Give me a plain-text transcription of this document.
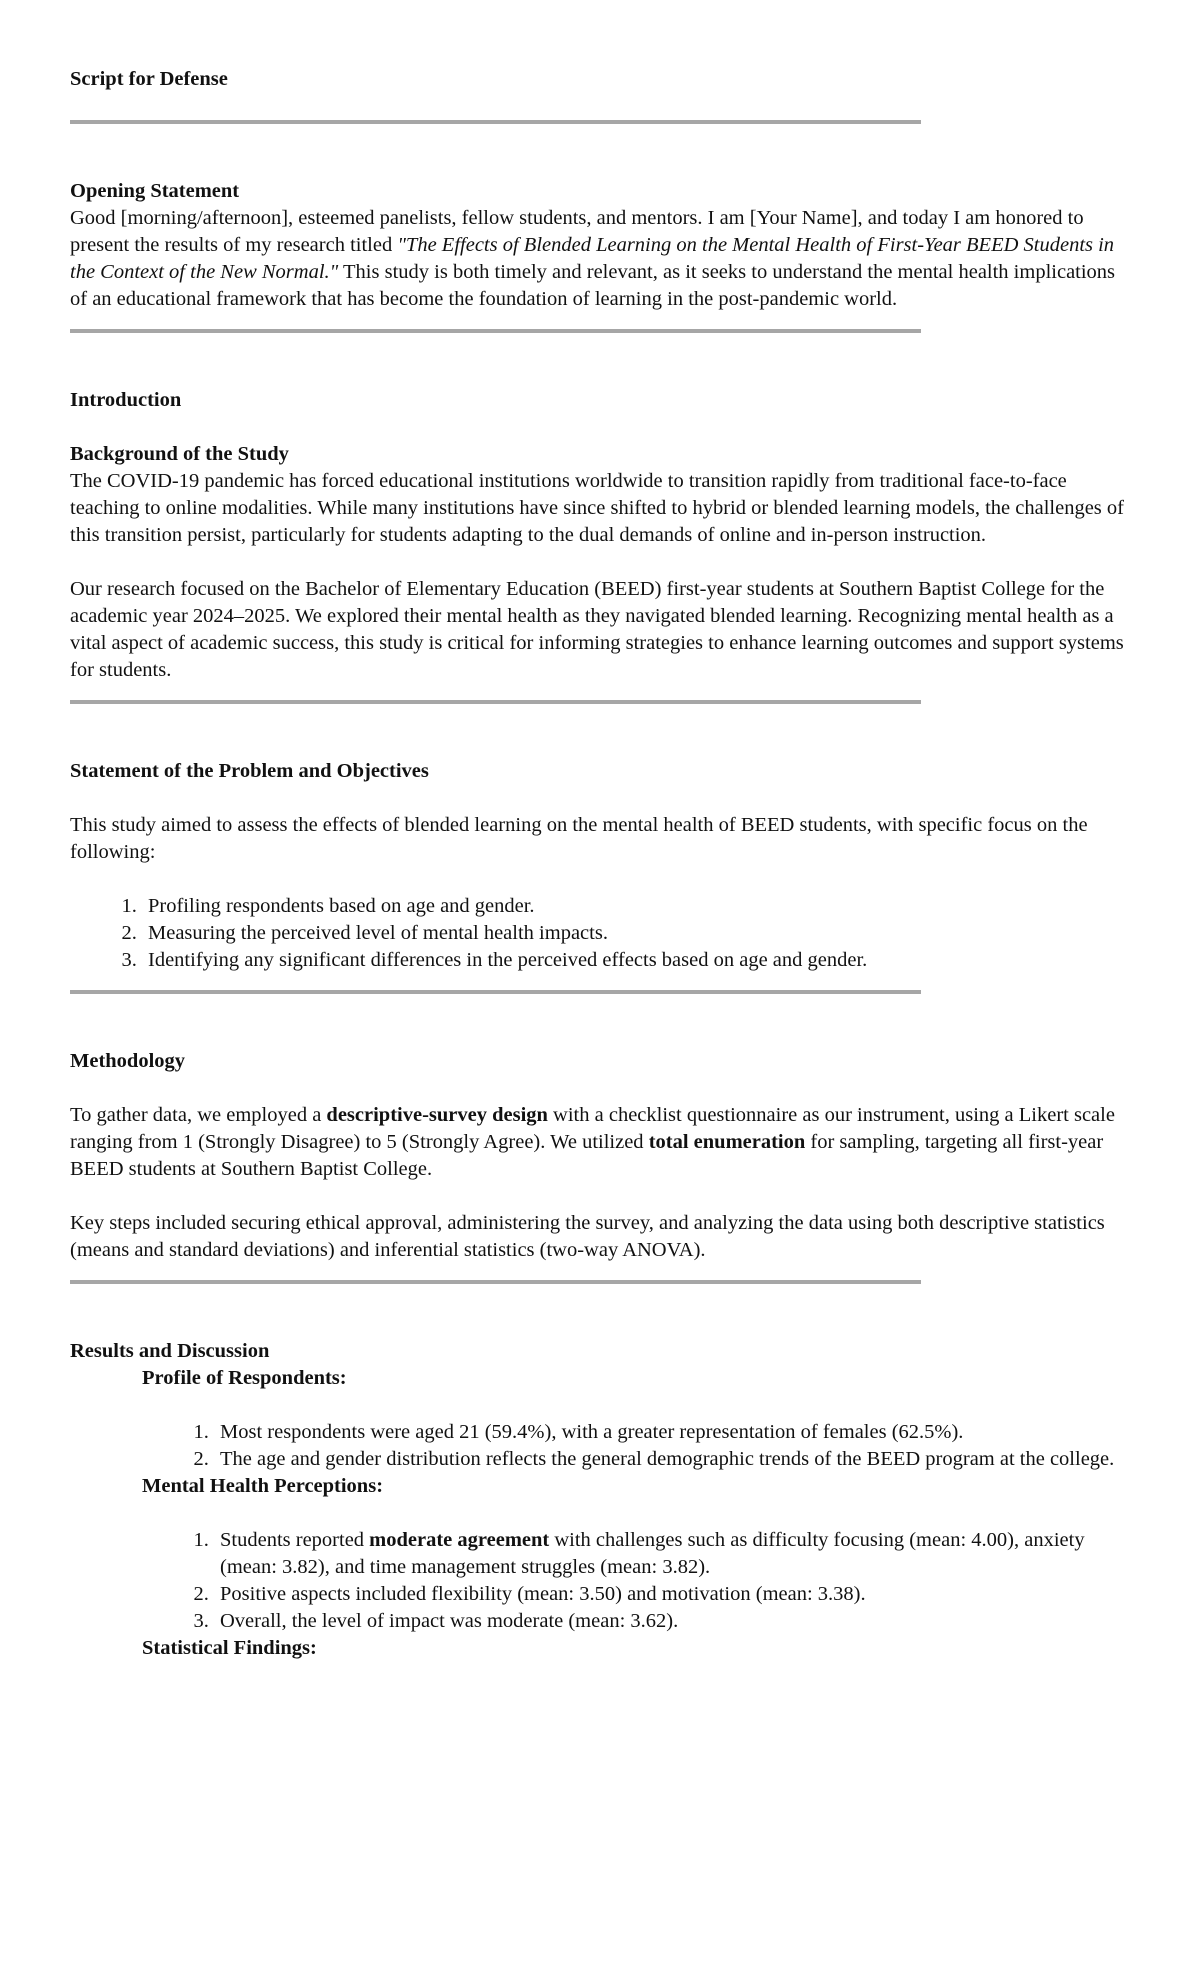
Script for Defense

Opening Statement

Good [morning/afternoon], esteemed panelists, fellow students, and mentors. I am [Your Name], and today I am honored to present the results of my research titled "The Effects of Blended Learning on the Mental Health of First-Year BEED Students in the Context of the New Normal." This study is both timely and relevant, as it seeks to understand the mental health implications of an educational framework that has become the foundation of learning in the post-pandemic world.

Introduction

Background of the Study

The COVID-19 pandemic has forced educational institutions worldwide to transition rapidly from traditional face-to-face teaching to online modalities. While many institutions have since shifted to hybrid or blended learning models, the challenges of this transition persist, particularly for students adapting to the dual demands of online and in-person instruction.

Our research focused on the Bachelor of Elementary Education (BEED) first-year students at Southern Baptist College for the academic year 2024–2025. We explored their mental health as they navigated blended learning. Recognizing mental health as a vital aspect of academic success, this study is critical for informing strategies to enhance learning outcomes and support systems for students.

Statement of the Problem and Objectives

This study aimed to assess the effects of blended learning on the mental health of BEED students, with specific focus on the following:

1. Profiling respondents based on age and gender.
2. Measuring the perceived level of mental health impacts.
3. Identifying any significant differences in the perceived effects based on age and gender.

Methodology

To gather data, we employed a descriptive-survey design with a checklist questionnaire as our instrument, using a Likert scale ranging from 1 (Strongly Disagree) to 5 (Strongly Agree). We utilized total enumeration for sampling, targeting all first-year BEED students at Southern Baptist College.

Key steps included securing ethical approval, administering the survey, and analyzing the data using both descriptive statistics (means and standard deviations) and inferential statistics (two-way ANOVA).

Results and Discussion

Profile of Respondents:

1. Most respondents were aged 21 (59.4%), with a greater representation of females (62.5%).
2. The age and gender distribution reflects the general demographic trends of the BEED program at the college.

Mental Health Perceptions:

1. Students reported moderate agreement with challenges such as difficulty focusing (mean: 4.00), anxiety (mean: 3.82), and time management struggles (mean: 3.82).
2. Positive aspects included flexibility (mean: 3.50) and motivation (mean: 3.38).
3. Overall, the level of impact was moderate (mean: 3.62).

Statistical Findings:
